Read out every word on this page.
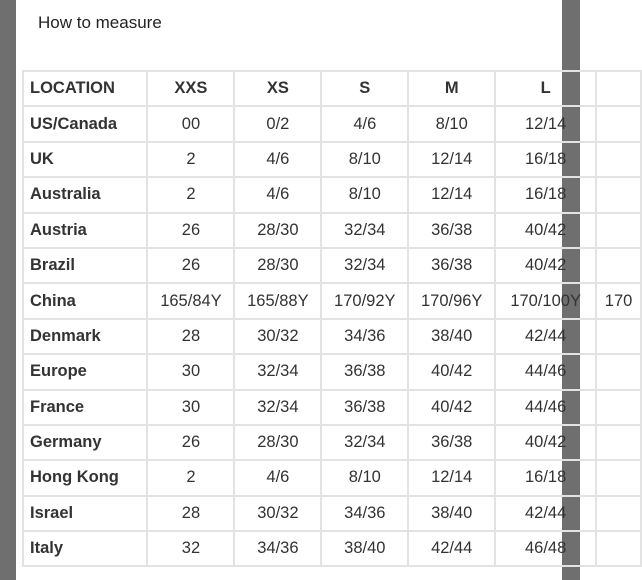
How to measure
LOCATION	XXS	XS	S	M	L	
US/Canada	00	0/2	4/6	8/10	12/14	
UK	2	4/6	8/10	12/14	16/18	
Australia	2	4/6	8/10	12/14	16/18	
Austria	26	28/30	32/34	36/38	40/42	
Brazil	26	28/30	32/34	36/38	40/42	
China	165/84Y	165/88Y	170/92Y	170/96Y	170/100Y	170
Denmark	28	30/32	34/36	38/40	42/44	
Europe	30	32/34	36/38	40/42	44/46	
France	30	32/34	36/38	40/42	44/46	
Germany	26	28/30	32/34	36/38	40/42	
Hong Kong	2	4/6	8/10	12/14	16/18	
Israel	28	30/32	34/36	38/40	42/44	
Italy	32	34/36	38/40	42/44	46/48	
